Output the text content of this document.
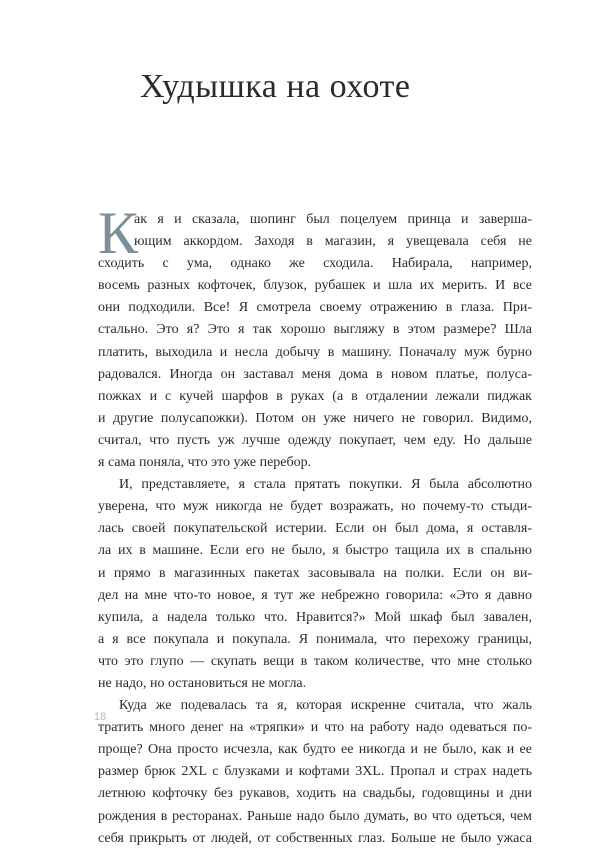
Худышка на охоте
К
ак я и сказала, шопинг был поцелуем принца и заверша-
ющим аккордом. Заходя в магазин, я увещевала себя не
сходить с ума, однако же сходила. Набирала, например,
восемь разных кофточек, блузок, рубашек и шла их мерить. И все
они подходили. Все! Я смотрела своему отражению в глаза. При-
стально. Это я? Это я так хорошо выгляжу в этом размере? Шла
платить, выходила и несла добычу в машину. Поначалу муж бурно
радовался. Иногда он заставал меня дома в новом платье, полуса-
пожках и с кучей шарфов в руках (а в отдалении лежали пиджак
и другие полусапожки). Потом он уже ничего не говорил. Видимо,
считал, что пусть уж лучше одежду покупает, чем еду. Но дальше
я сама поняла, что это уже перебор.
И, представляете, я стала прятать покупки. Я была абсолютно
уверена, что муж никогда не будет возражать, но почему-то стыди-
лась своей покупательской истерии. Если он был дома, я оставля-
ла их в машине. Если его не было, я быстро тащила их в спальню
и прямо в магазинных пакетах засовывала на полки. Если он ви-
дел на мне что-то новое, я тут же небрежно говорила: «Это я давно
купила, а надела только что. Нравится?» Мой шкаф был завален,
а я все покупала и покупала. Я понимала, что перехожу границы,
что это глупо — скупать вещи в таком количестве, что мне столько
не надо, но остановиться не могла.
Куда же подевалась та я, которая искренне считала, что жаль
тратить много денег на «тряпки» и что на работу надо одеваться по-
проще? Она просто исчезла, как будто ее никогда и не было, как и ее
размер брюк 2XL с блузками и кофтами 3XL. Пропал и страх надеть
летнюю кофточку без рукавов, ходить на свадьбы, годовщины и дни
рождения в ресторанах. Раньше надо было думать, во что одеться, чем
себя прикрыть от людей, от собственных глаз. Больше не было ужаса
18
